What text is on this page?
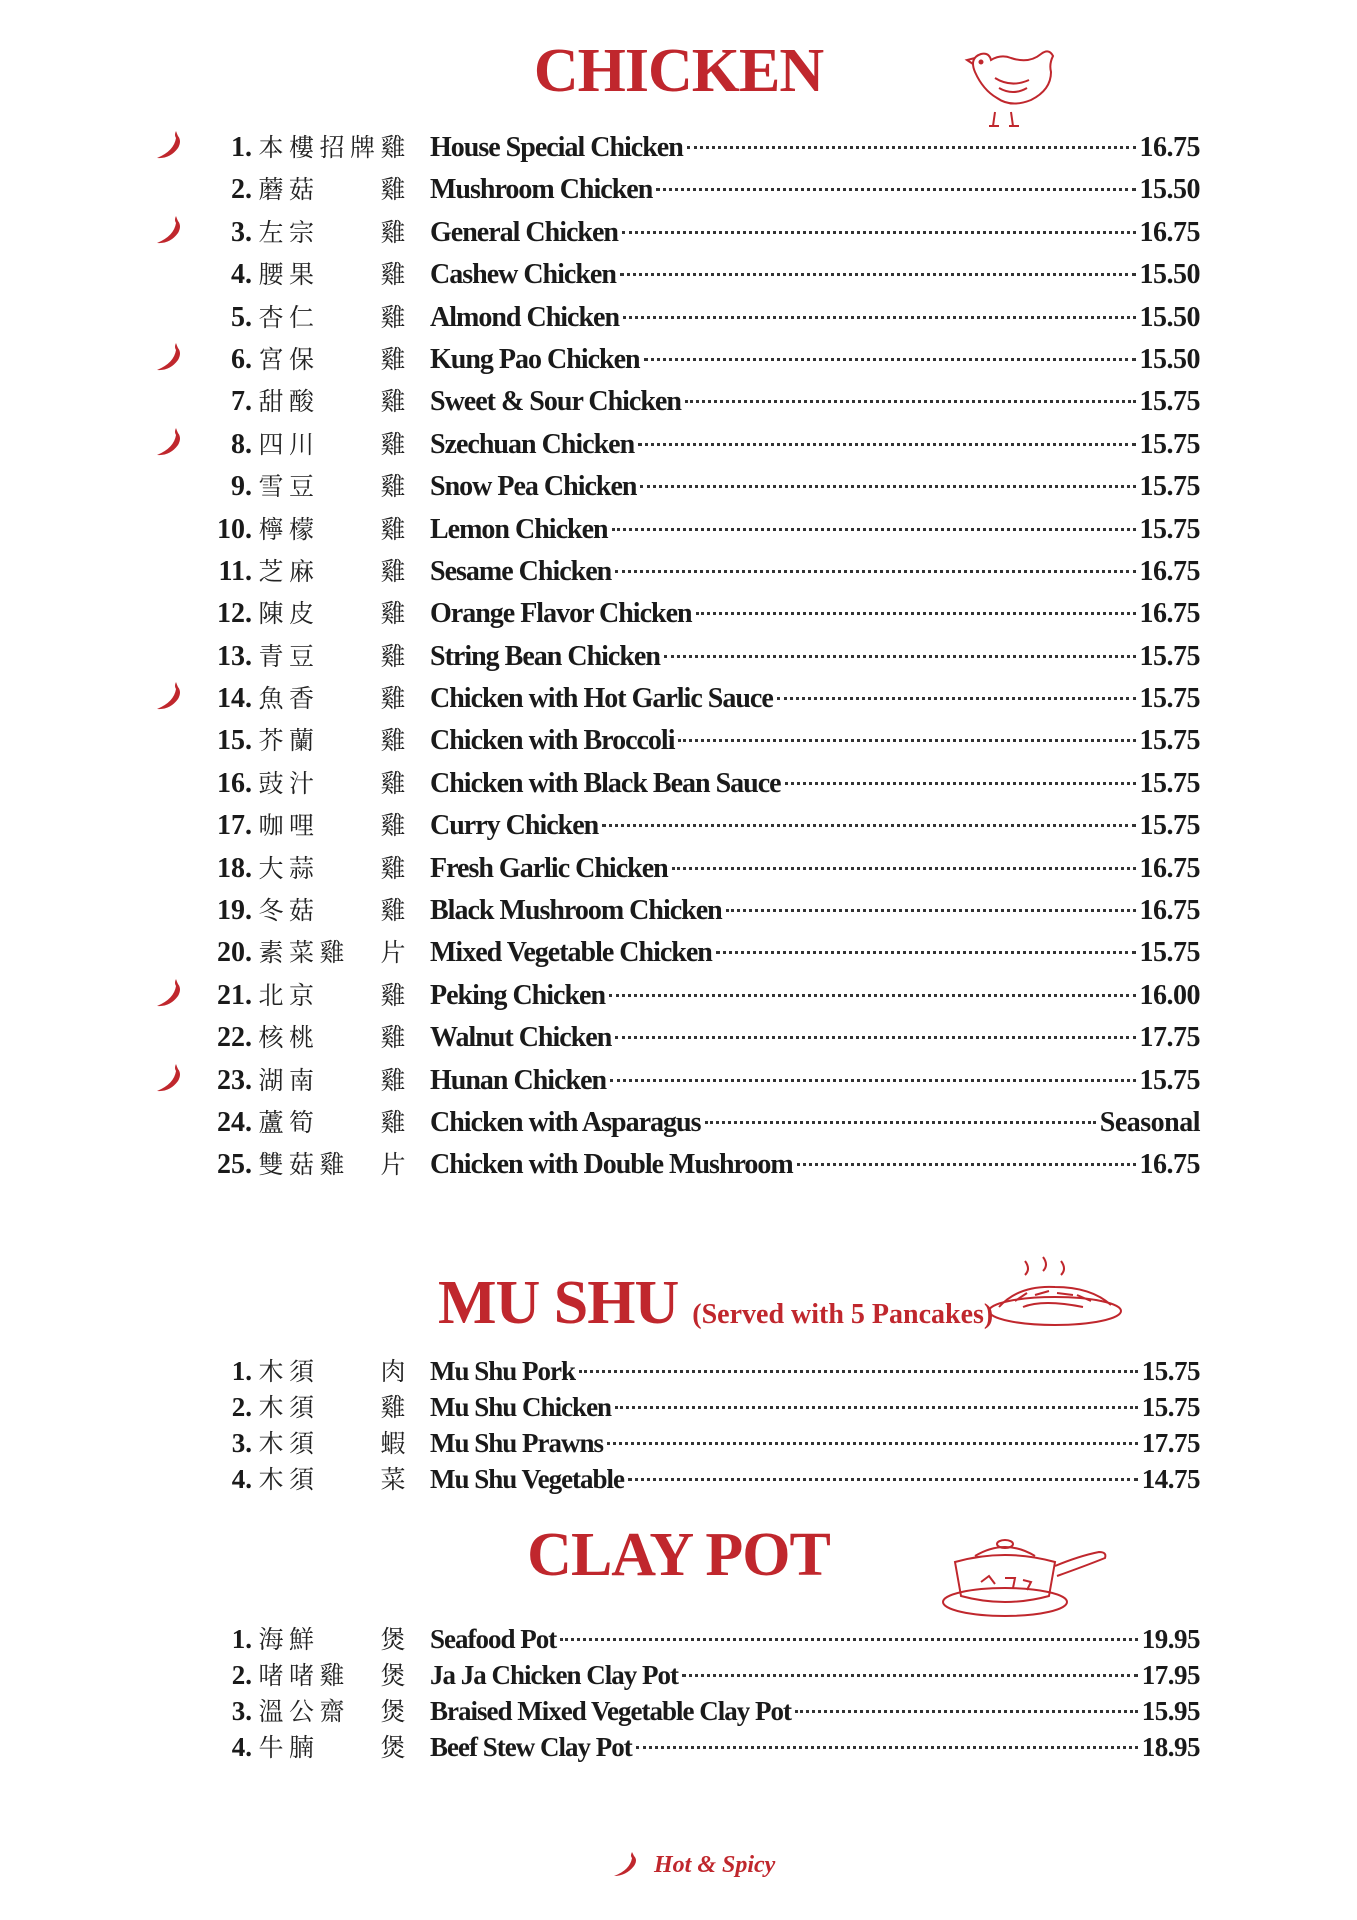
CHICKEN
1. 本 樓 招 牌 雞 House Special Chicken	16.75
2. 蘑 菇	雞 Mushroom Chicken	15.50
3. 左 宗	雞 General Chicken	16.75
4. 腰 果	雞 Cashew Chicken	15.50
5. 杏 仁	雞 Almond Chicken	15.50
6. 宮 保	雞 Kung Pao Chicken	15.50
7. 甜 酸	雞 Sweet & Sour Chicken	15.75
8. 四 川	雞 Szechuan Chicken	15.75
9. 雪 豆	雞 Snow Pea Chicken	15.75
10. 檸 檬	雞 Lemon Chicken	15.75
11. 芝 麻	雞 Sesame Chicken	16.75
12. 陳 皮	雞 Orange Flavor Chicken	16.75
13. 青 豆	雞 String Bean Chicken	15.75
14. 魚 香	雞 Chicken with Hot Garlic Sauce	15.75
15. 芥 蘭	雞 Chicken with Broccoli	15.75
16. 豉 汁	雞 Chicken with Black Bean Sauce	15.75
17. 咖 哩	雞 Curry Chicken	15.75
18. 大 蒜	雞 Fresh Garlic Chicken	16.75
19. 冬 菇	雞 Black Mushroom Chicken	16.75
20. 素 菜 雞 片 Mixed Vegetable Chicken	15.75
21. 北 京	雞 Peking Chicken	16.00
22. 核 桃	雞 Walnut Chicken	17.75
23. 湖 南	雞 Hunan Chicken	15.75
24. 蘆 筍	雞 Chicken with Asparagus	Seasonal
25. 雙 菇 雞 片 Chicken with Double Mushroom	16.75
MU SHU (Served with 5 Pancakes)
1. 木 須	肉 Mu Shu Pork	15.75
2. 木 須	雞 Mu Shu Chicken	15.75
3. 木 須	蝦 Mu Shu Prawns	17.75
4. 木 須	菜 Mu Shu Vegetable	14.75
CLAY POT
1. 海 鮮	煲 Seafood Pot	19.95
2. 啫 啫 雞 煲 Ja Ja Chicken Clay Pot	17.95
3. 溫 公 齋 煲 Braised Mixed Vegetable Clay Pot	15.95
4. 牛 腩	煲 Beef Stew Clay Pot	18.95
Hot & Spicy
